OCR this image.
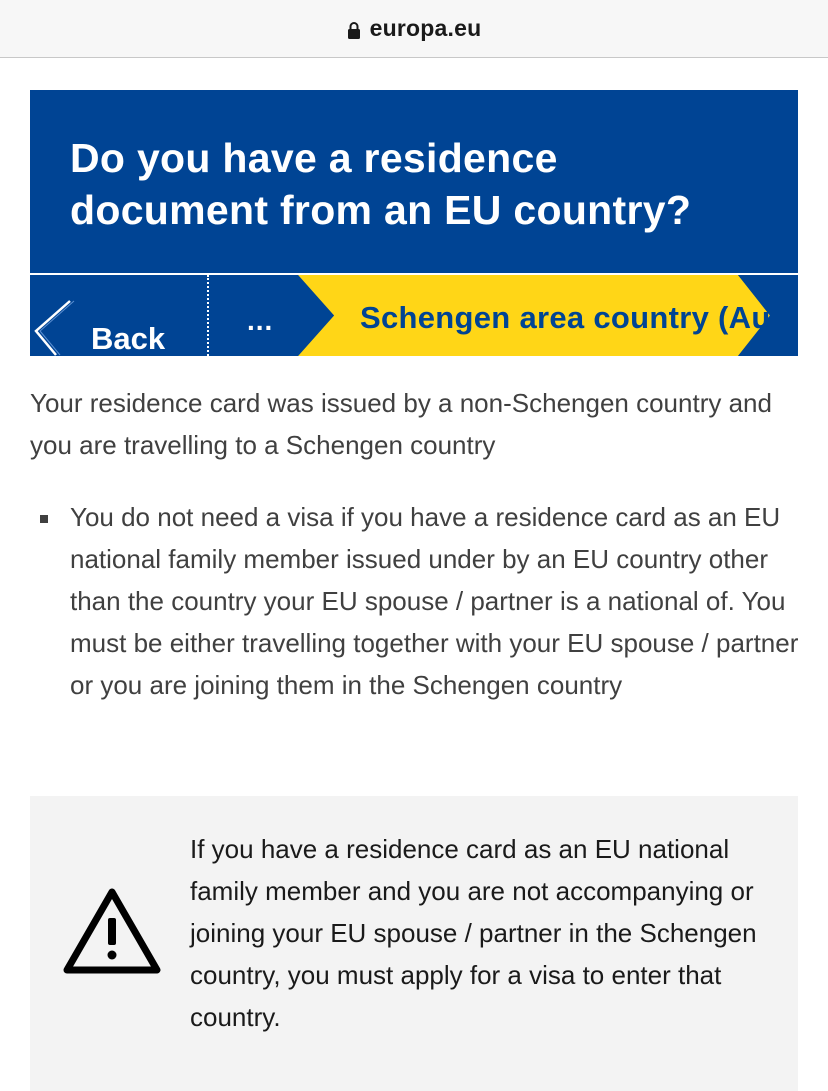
europa.eu
Do you have a residence document from an EU country?
Back
...	Schengen area country (Au

Your residence card was issued by a non-Schengen country and you are travelling to a Schengen country

You do not need a visa if you have a residence card as an EU national family member issued under by an EU country other than the country your EU spouse / partner is a national of. You must be either travelling together with your EU spouse / partner or you are joining them in the Schengen country

If you have a residence card as an EU national family member and you are not accompanying or joining your EU spouse / partner in the Schengen country, you must apply for a visa to enter that country.
